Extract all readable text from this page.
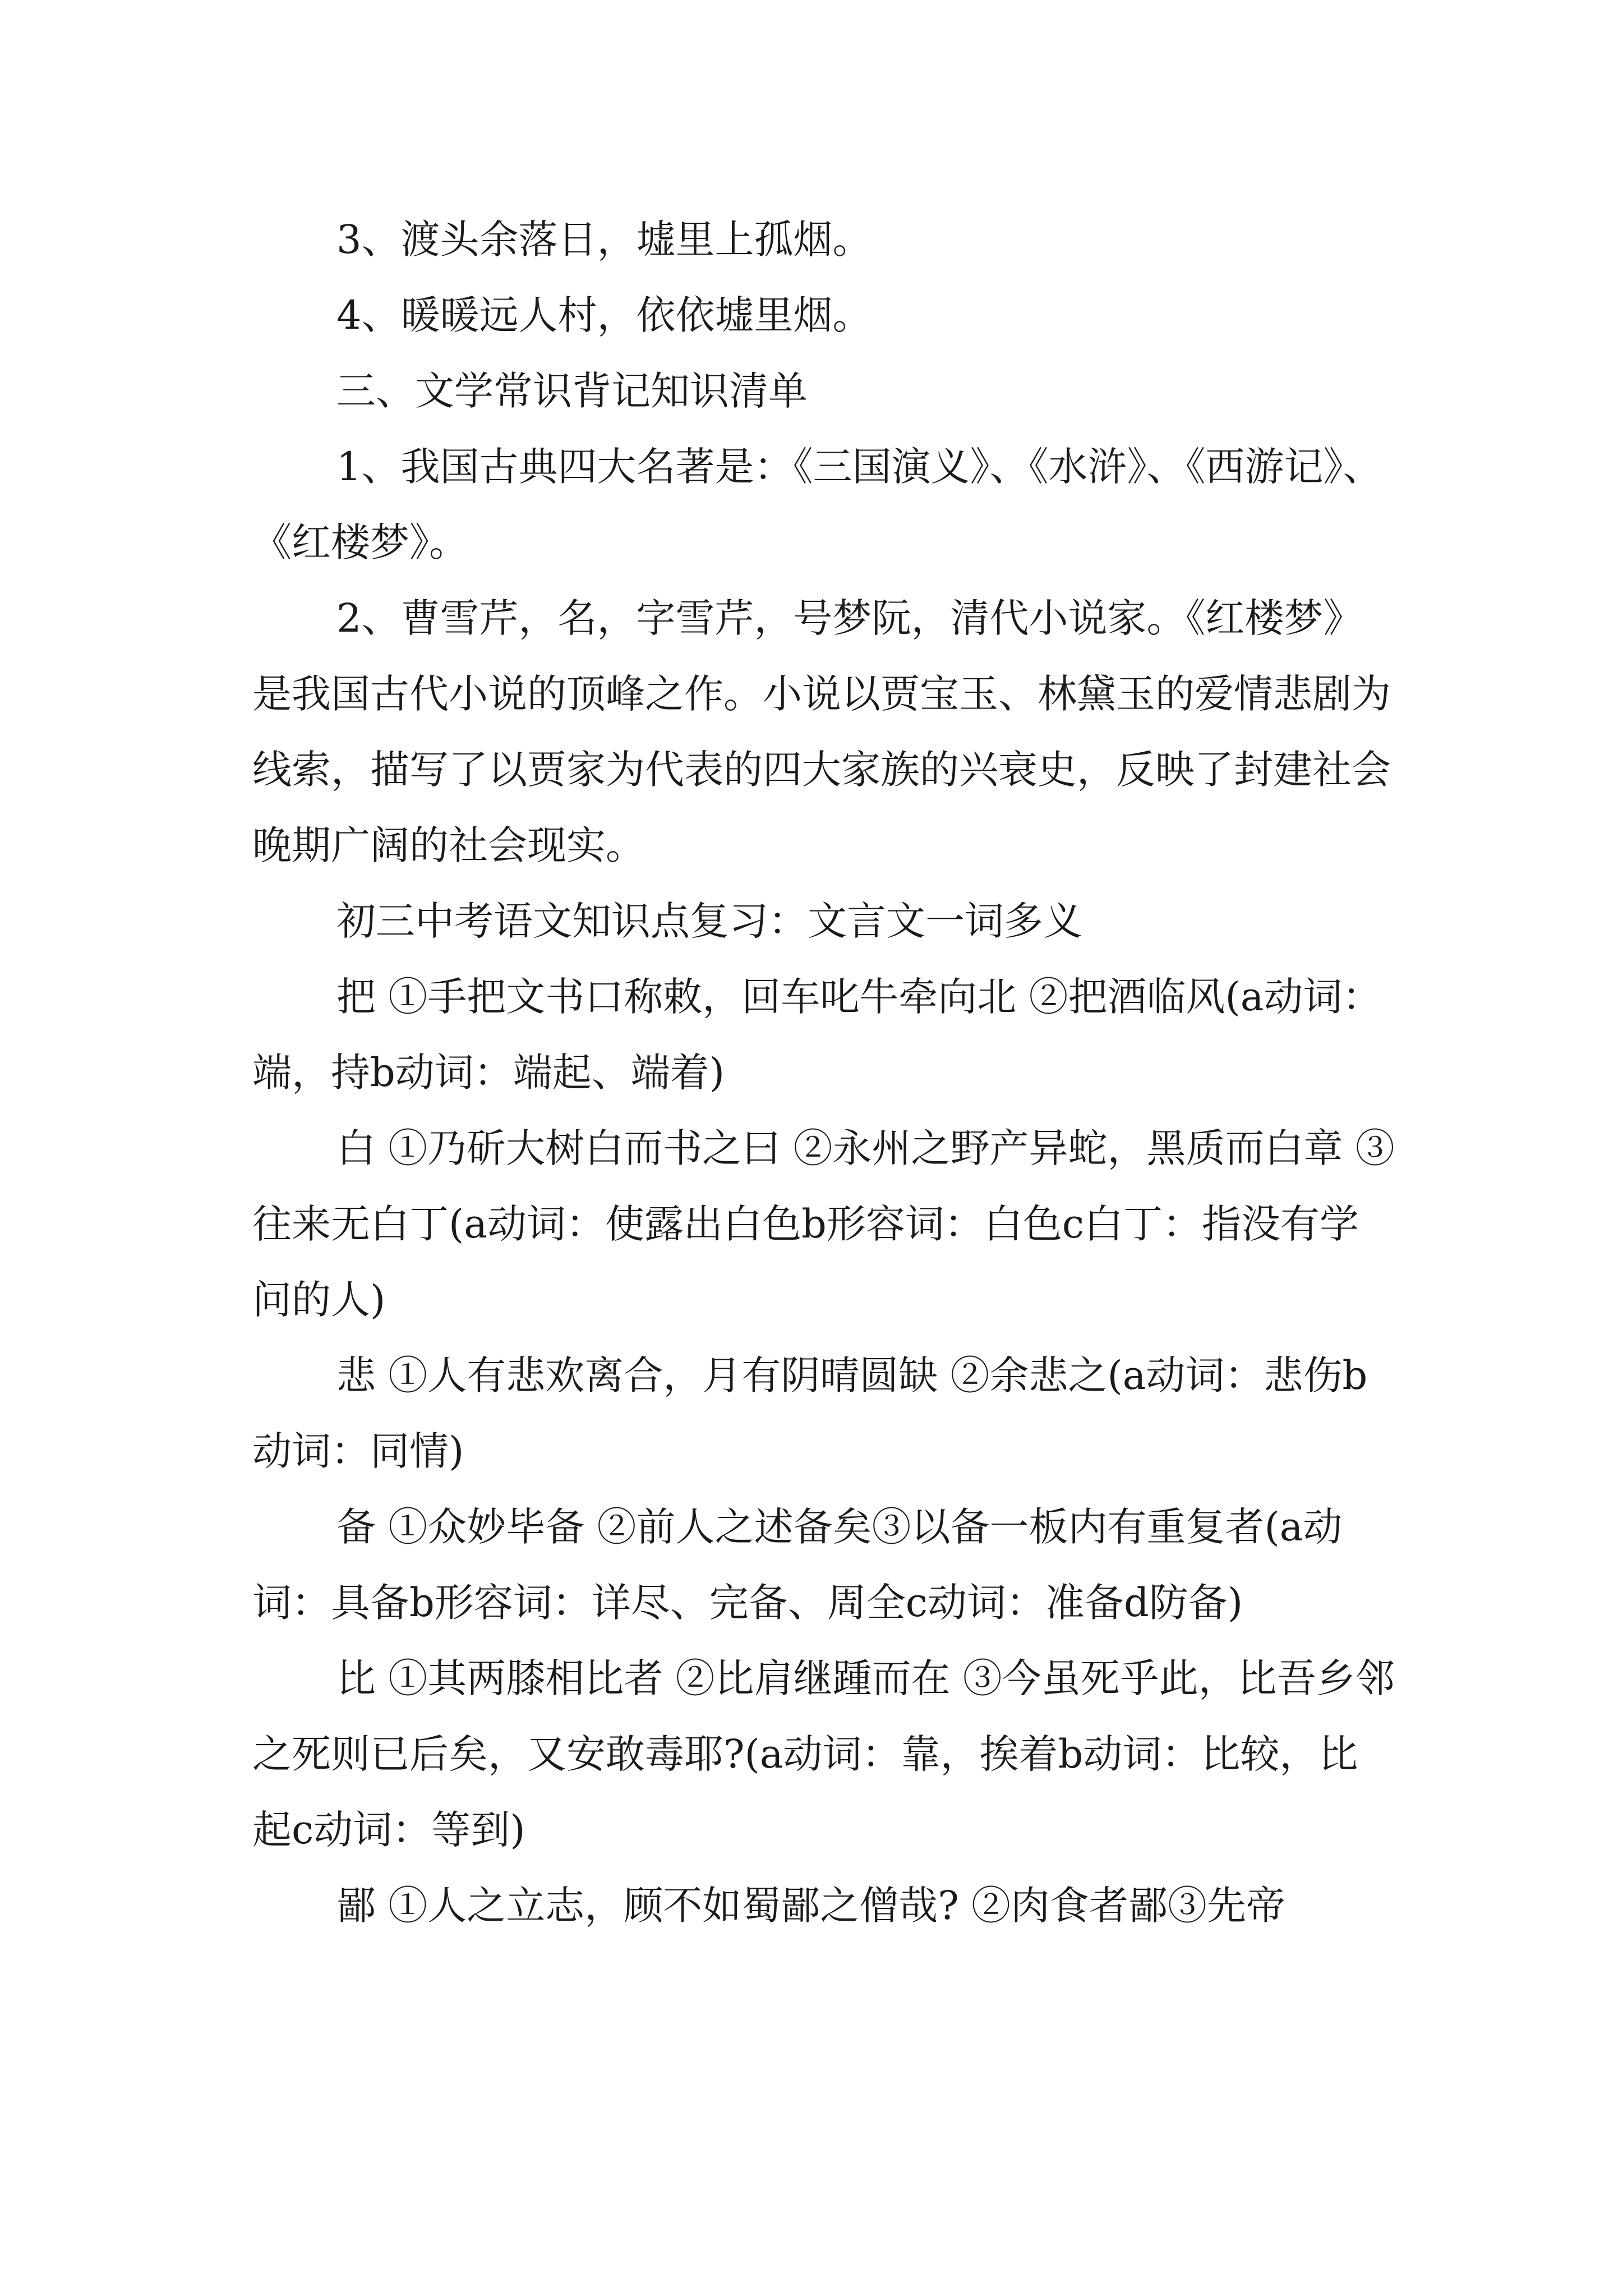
3、渡头余落日，墟里上孤烟。

4、暖暖远人村，依依墟里烟。

三、文学常识背记知识清单

1、我国古典四大名著是：《三国演义》、《水浒》、《西游记》、《红楼梦》。

2、曹雪芹，名，字雪芹，号梦阮，清代小说家。《红楼梦》是我国古代小说的顶峰之作。小说以贾宝玉、林黛玉的爱情悲剧为线索，描写了以贾家为代表的四大家族的兴衰史，反映了封建社会晚期广阔的社会现实。

初三中考语文知识点复习：文言文一词多义

把 ①手把文书口称敕，回车叱牛牵向北 ②把酒临风(a动词：端，持b动词：端起、端着)

白 ①乃斫大树白而书之曰 ②永州之野产异蛇，黑质而白章 ③往来无白丁(a动词：使露出白色b形容词：白色c白丁：指没有学问的人)

悲 ①人有悲欢离合，月有阴晴圆缺 ②余悲之(a动词：悲伤b动词：同情)

备 ①众妙毕备 ②前人之述备矣③以备一板内有重复者(a动词：具备b形容词：详尽、完备、周全c动词：准备d防备)

比 ①其两膝相比者 ②比肩继踵而在 ③今虽死乎此，比吾乡邻之死则已后矣，又安敢毒耶?(a动词：靠，挨着b动词：比较，比起c动词：等到)

鄙 ①人之立志，顾不如蜀鄙之僧哉? ②肉食者鄙③先帝
